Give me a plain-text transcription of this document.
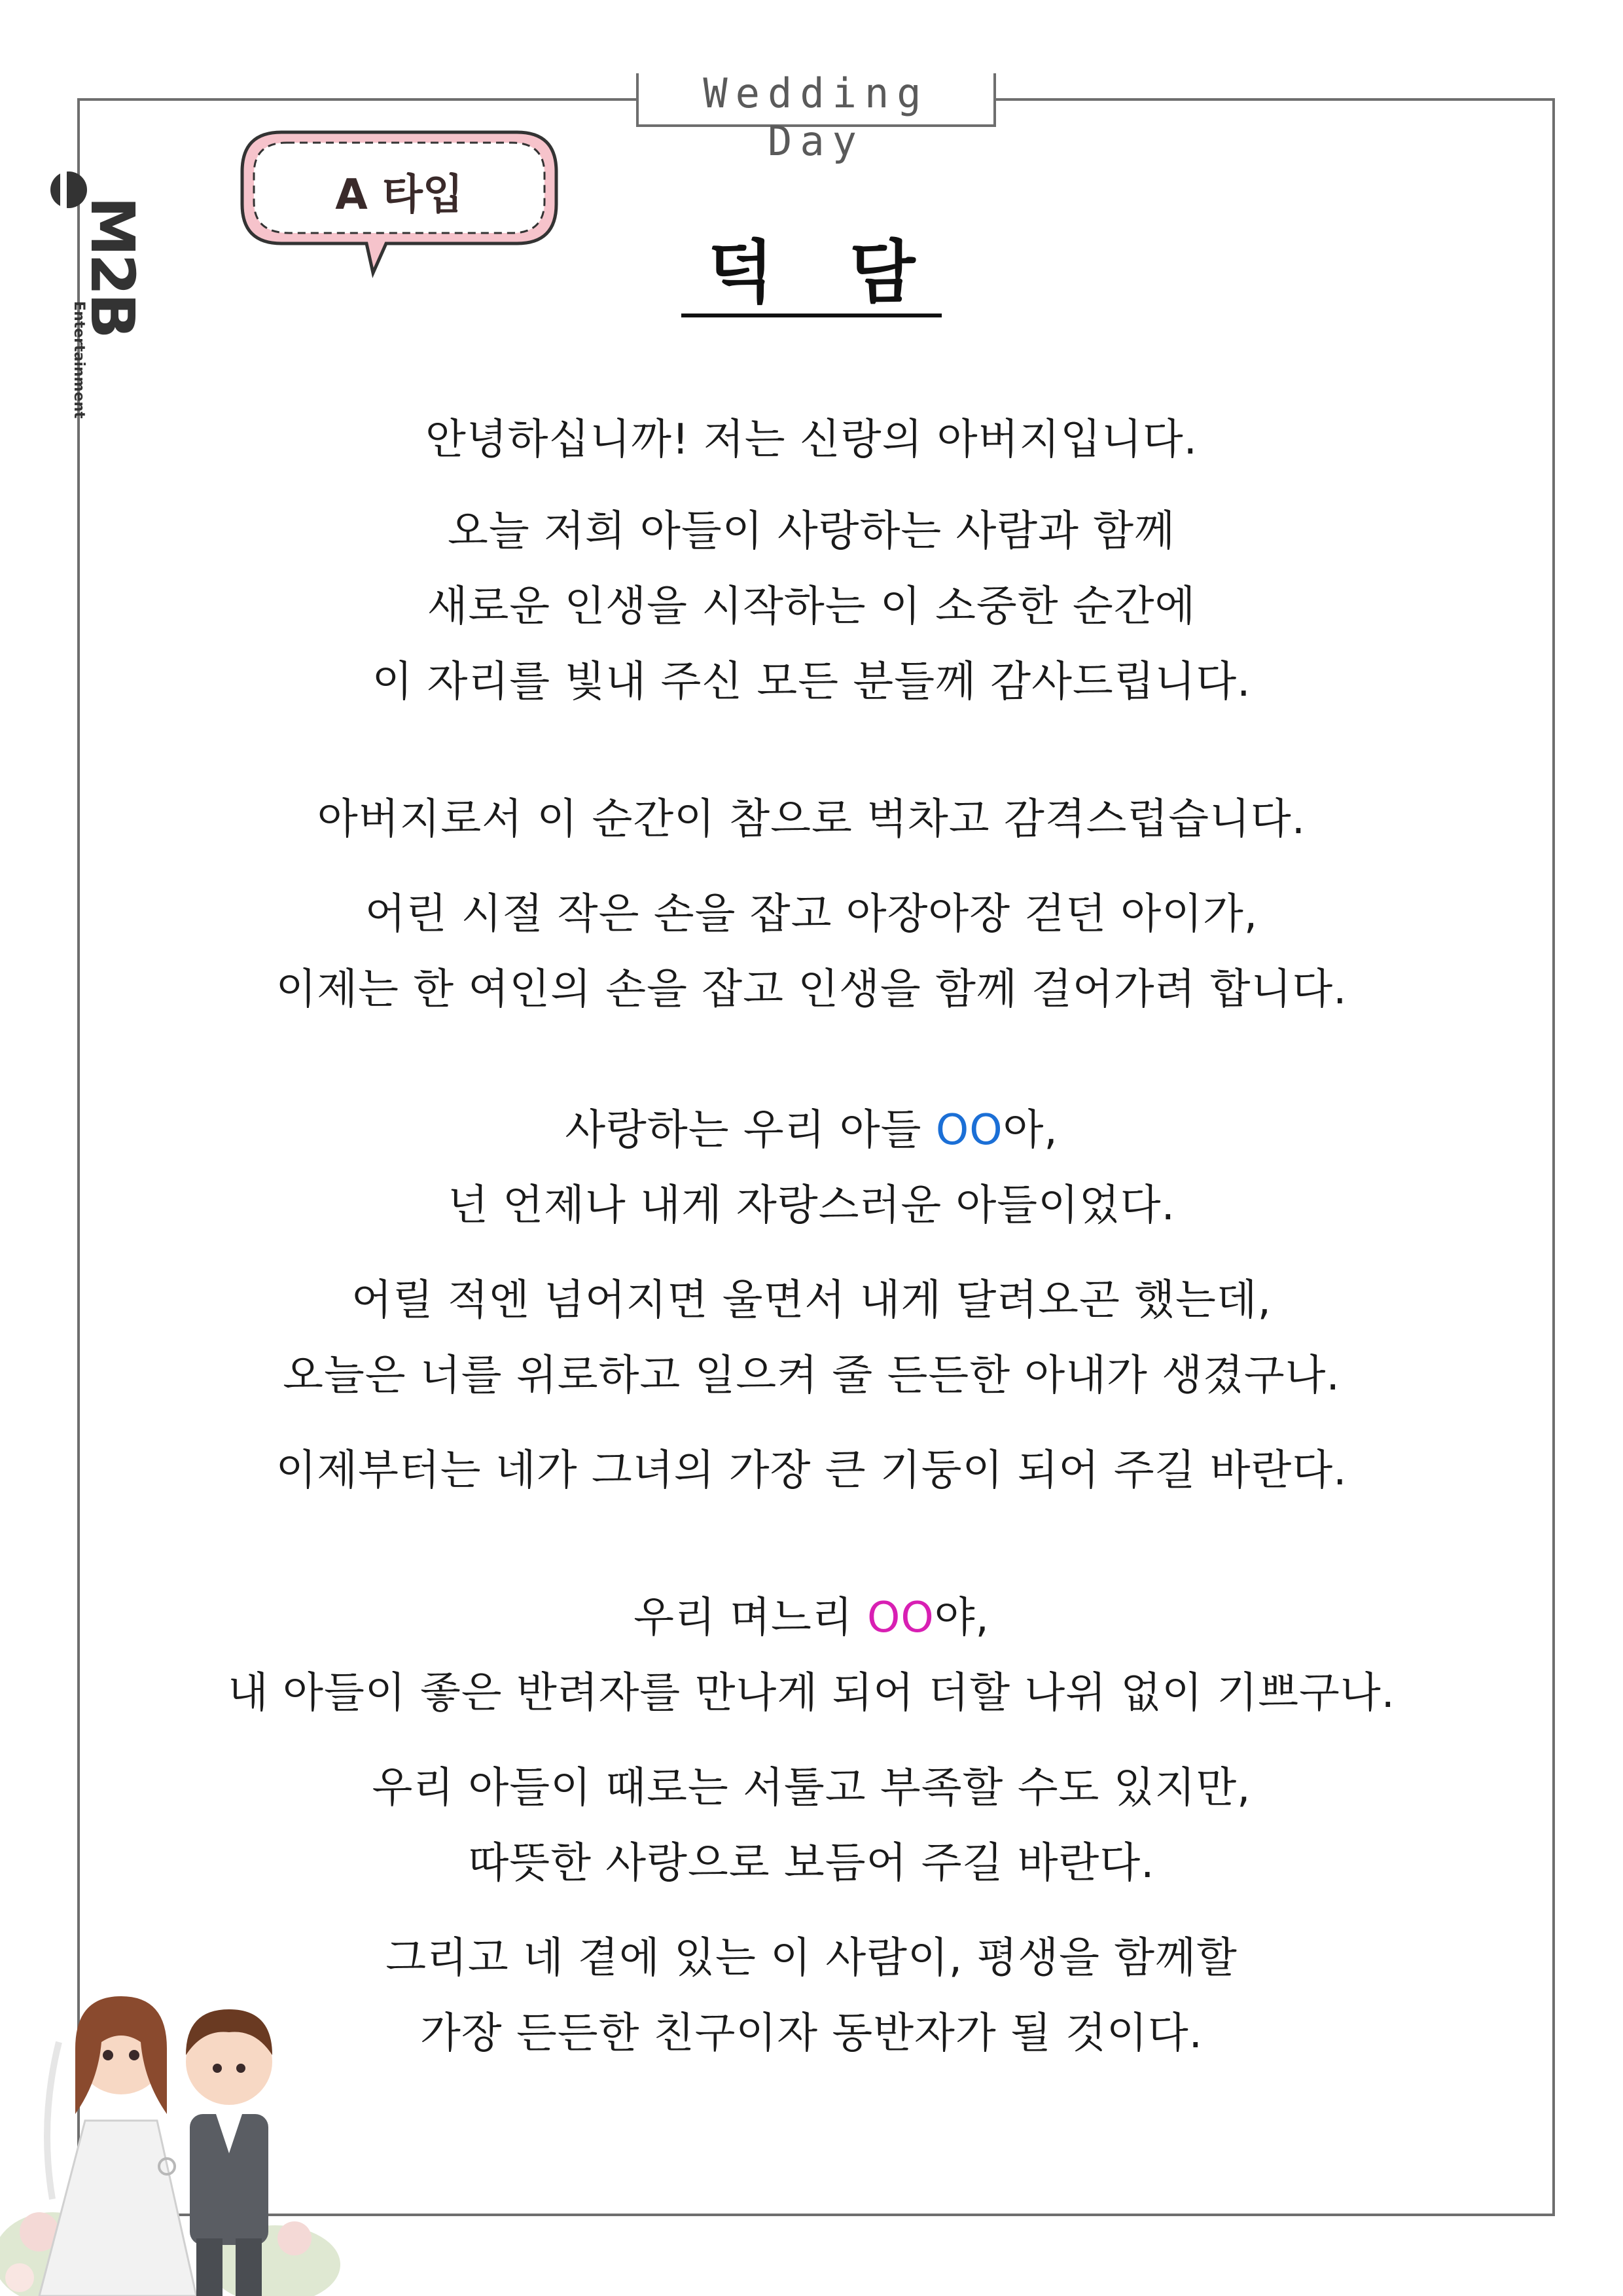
Wedding Day
M2B
Entertainment
A 타입
덕 담
안녕하십니까! 저는 신랑의 아버지입니다.
오늘 저희 아들이 사랑하는 사람과 함께
새로운 인생을 시작하는 이 소중한 순간에
이 자리를 빛내 주신 모든 분들께 감사드립니다.
아버지로서 이 순간이 참으로 벅차고 감격스럽습니다.
어린 시절 작은 손을 잡고 아장아장 걷던 아이가,
이제는 한 여인의 손을 잡고 인생을 함께 걸어가려 합니다.
사랑하는 우리 아들 OO아,
넌 언제나 내게 자랑스러운 아들이었다.
어릴 적엔 넘어지면 울면서 내게 달려오곤 했는데,
오늘은 너를 위로하고 일으켜 줄 든든한 아내가 생겼구나.
이제부터는 네가 그녀의 가장 큰 기둥이 되어 주길 바란다.
우리 며느리 OO야,
내 아들이 좋은 반려자를 만나게 되어 더할 나위 없이 기쁘구나.
우리 아들이 때로는 서툴고 부족할 수도 있지만,
따뜻한 사랑으로 보듬어 주길 바란다.
그리고 네 곁에 있는 이 사람이, 평생을 함께할
가장 든든한 친구이자 동반자가 될 것이다.
